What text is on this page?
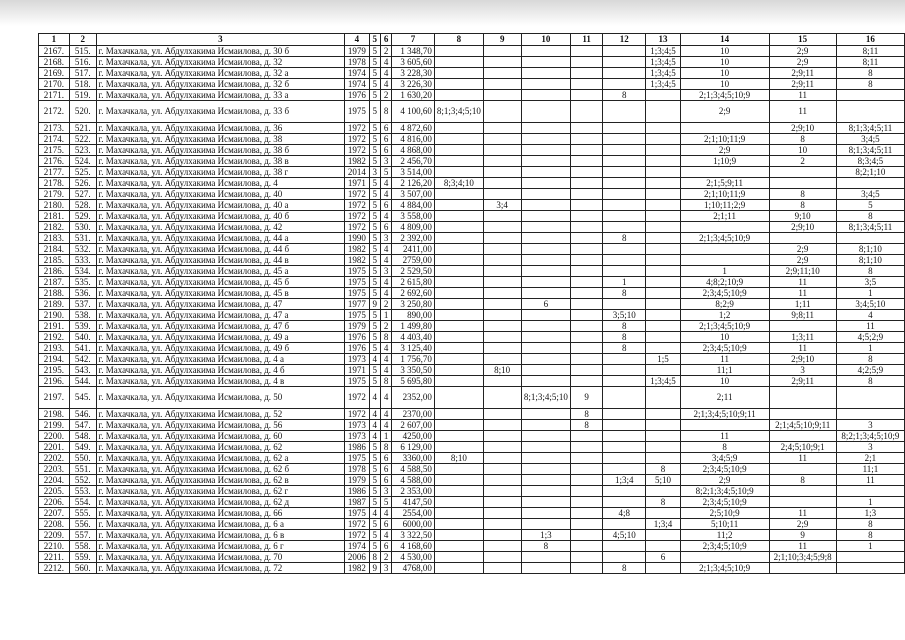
1	2	3	4	5	6	7	8	9	10	11	12	13	14	15	16
2167.	515.	г. Махачкала, ул. Абдулхакима Исмаилова, д. 30 б	1979	5	2	1 348,70						1;3;4;5	10	2;9	8;11
2168.	516.	г. Махачкала, ул. Абдулхакима Исмаилова, д. 32	1978	5	4	3 605,60						1;3;4;5	10	2;9	8;11
2169.	517.	г. Махачкала, ул. Абдулхакима Исмаилова, д. 32 а	1974	5	4	3 228,30						1;3;4;5	10	2;9;11	8
2170.	518.	г. Махачкала, ул. Абдулхакима Исмаилова, д. 32 б	1974	5	4	3 226,30						1;3;4;5	10	2;9;11	8
2171.	519.	г. Махачкала, ул. Абдулхакима Исмаилова, д. 33 а	1976	5	2	1 630,20					8		2;1;3;4;5;10;9	11	
2172.	520.	г. Махачкала, ул. Абдулхакима Исмаилова, д. 33 б	1975	5	8	4 100,60	8;1;3;4;5;10						2;9	11	
2173.	521.	г. Махачкала, ул. Абдулхакима Исмаилова, д. 36	1972	5	6	4 872,60								2;9;10	8;1;3;4;5;11
2174.	522.	г. Махачкала, ул. Абдулхакима Исмаилова, д. 38	1972	5	6	4 816,00							2;1;10;11;9	8	3;4;5
2175.	523.	г. Махачкала, ул. Абдулхакима Исмаилова, д. 38 б	1972	5	6	4 868,00							2;9	10	8;1;3;4;5;11
2176.	524.	г. Махачкала, ул. Абдулхакима Исмаилова, д. 38 в	1982	5	3	2 456,70							1;10;9	2	8;3;4;5
2177.	525.	г. Махачкала, ул. Абдулхакима Исмаилова, д. 38 г	2014	3	5	3 514,00									8;2;1;10
2178.	526.	г. Махачкала, ул. Абдулхакима Исмаилова, д. 4	1971	5	4	2 126,20	8;3;4;10						2;1;5;9;11		
2179.	527.	г. Махачкала, ул. Абдулхакима Исмаилова, д. 40	1972	5	4	3 507,00							2;1;10;11;9	8	3;4;5
2180.	528.	г. Махачкала, ул. Абдулхакима Исмаилова, д. 40 а	1972	5	6	4 884,00		3;4					1;10;11;2;9	8	5
2181.	529.	г. Махачкала, ул. Абдулхакима Исмаилова, д. 40 б	1972	5	4	3 558,00							2;1;11	9;10	8
2182.	530.	г. Махачкала, ул. Абдулхакима Исмаилова, д. 42	1972	5	6	4 809,00								2;9;10	8;1;3;4;5;11
2183.	531.	г. Махачкала, ул. Абдулхакима Исмаилова, д. 44 а	1990	5	3	2 392,00					8		2;1;3;4;5;10;9		
2184.	532.	г. Махачкала, ул. Абдулхакима Исмаилова, д. 44 б	1982	5	4	2411,00								2;9	8;1;10
2185.	533.	г. Махачкала, ул. Абдулхакима Исмаилова, д. 44 в	1982	5	4	2759,00								2;9	8;1;10
2186.	534.	г. Махачкала, ул. Абдулхакима Исмаилова, д. 45 а	1975	5	3	2 529,50							1	2;9;11;10	8
2187.	535.	г. Махачкала, ул. Абдулхакима Исмаилова, д. 45 б	1975	5	4	2 615,80					1		4;8;2;10;9	11	3;5
2188.	536.	г. Махачкала, ул. Абдулхакима Исмаилова, д. 45 в	1975	5	4	2 692,60					8		2;3;4;5;10;9	11	1
2189.	537.	г. Махачкала, ул. Абдулхакима Исмаилова, д. 47	1977	9	2	3 250,80			6				8;2;9	1;11	3;4;5;10
2190.	538.	г. Махачкала, ул. Абдулхакима Исмаилова, д. 47 а	1975	5	1	890,00					3;5;10		1;2	9;8;11	4
2191.	539.	г. Махачкала, ул. Абдулхакима Исмаилова, д. 47 б	1979	5	2	1 499,80					8		2;1;3;4;5;10;9		11
2192.	540.	г. Махачкала, ул. Абдулхакима Исмаилова, д. 49 а	1976	5	8	4 403,40					8		10	1;3;11	4;5;2;9
2193.	541.	г. Махачкала, ул. Абдулхакима Исмаилова, д. 49 б	1976	5	4	3 125,40					8		2;3;4;5;10;9	11	1
2194.	542.	г. Махачкала, ул. Абдулхакима Исмаилова, д. 4 а	1973	4	4	1 756,70						1;5	11	2;9;10	8
2195.	543.	г. Махачкала, ул. Абдулхакима Исмаилова, д. 4 б	1971	5	4	3 350,50		8;10					11;1	3	4;2;5;9
2196.	544.	г. Махачкала, ул. Абдулхакима Исмаилова, д. 4 в	1975	5	8	5 695,80						1;3;4;5	10	2;9;11	8
2197.	545.	г. Махачкала, ул. Абдулхакима Исмаилова, д. 50	1972	4	4	2352,00			8;1;3;4;5;10	9			2;11		
2198.	546.	г. Махачкала, ул. Абдулхакима Исмаилова, д. 52	1972	4	4	2370,00				8			2;1;3;4;5;10;9;11		
2199.	547.	г. Махачкала, ул. Абдулхакима Исмаилова, д. 56	1973	4	4	2 607,00				8				2;1;4;5;10;9;11	3
2200.	548.	г. Махачкала, ул. Абдулхакима Исмаилова, д. 60	1973	4	1	4250,00							11		8;2;1;3;4;5;10;9
2201.	549.	г. Махачкала, ул. Абдулхакима Исмаилова, д. 62	1986	5	8	6 129,00							8	2;4;5;10;9;1	3
2202.	550.	г. Махачкала, ул. Абдулхакима Исмаилова, д. 62 а	1975	5	6	3360,00	8;10						3;4;5;9	11	2;1
2203.	551.	г. Махачкала, ул. Абдулхакима Исмаилова, д. 62 б	1978	5	6	4 588,50						8	2;3;4;5;10;9		11;1
2204.	552.	г. Махачкала, ул. Абдулхакима Исмаилова, д. 62 в	1979	5	6	4 588,00					1;3;4	5;10	2;9	8	11
2205.	553.	г. Махачкала, ул. Абдулхакима Исмаилова, д. 62 г	1986	5	3	2 353,00							8;2;1;3;4;5;10;9		
2206.	554.	г. Махачкала, ул. Абдулхакима Исмаилова, д. 62 д	1987	5	5	4147,50						8	2;3;4;5;10;9		1
2207.	555.	г. Махачкала, ул. Абдулхакима Исмаилова, д. 66	1975	4	4	2554,00					4;8		2;5;10;9	11	1;3
2208.	556.	г. Махачкала, ул. Абдулхакима Исмаилова, д. 6 а	1972	5	6	6000,00						1;3;4	5;10;11	2;9	8
2209.	557.	г. Махачкала, ул. Абдулхакима Исмаилова, д. 6 в	1972	5	4	3 322,50			1;3		4;5;10		11;2	9	8
2210.	558.	г. Махачкала, ул. Абдулхакима Исмаилова, д. 6 г	1974	5	6	4 168,60			8				2;3;4;5;10;9	11	1
2211.	559.	г. Махачкала, ул. Абдулхакима Исмаилова, д. 70	2006	8	2	4 530,00						6		2;1;10;3;4;5;9;8	
2212.	560.	г. Махачкала, ул. Абдулхакима Исмаилова, д. 72	1982	9	3	4768,00					8		2;1;3;4;5;10;9		
